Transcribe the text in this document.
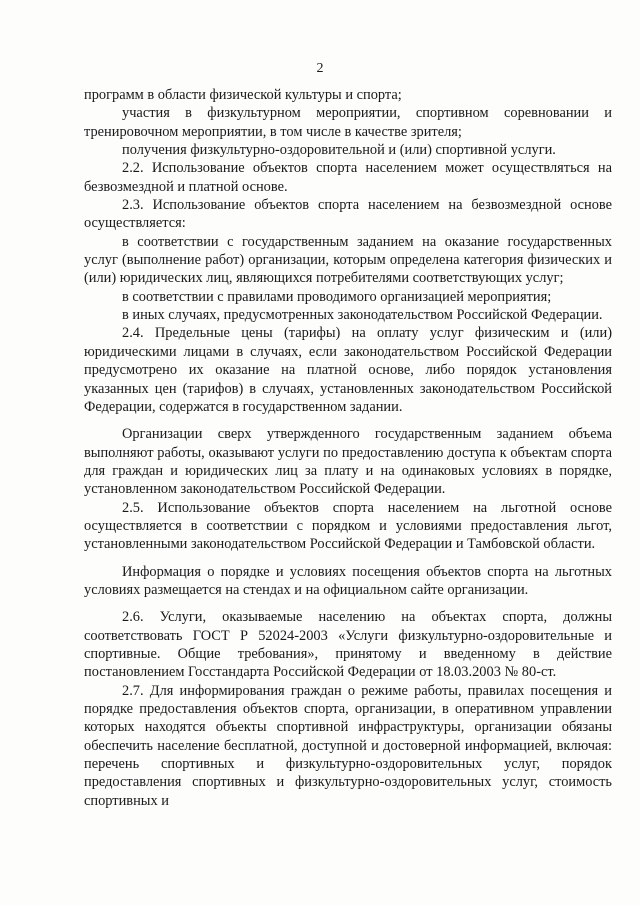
2

программ в области физической культуры и спорта;

участия в физкультурном мероприятии, спортивном соревновании и тренировочном мероприятии, в том числе в качестве зрителя;

получения физкультурно-оздоровительной и (или) спортивной услуги.

2.2. Использование объектов спорта населением может осуществляться на безвозмездной и платной основе.

2.3. Использование объектов спорта населением на безвозмездной основе осуществляется:

в соответствии с государственным заданием на оказание государственных услуг (выполнение работ) организации, которым определена категория физических и (или) юридических лиц, являющихся потребителями соответствующих услуг;

в соответствии с правилами проводимого организацией мероприятия;

в иных случаях, предусмотренных законодательством Российской Федерации.

2.4. Предельные цены (тарифы) на оплату услуг физическим и (или) юридическими лицами в случаях, если законодательством Российской Федерации предусмотрено их оказание на платной основе, либо порядок установления указанных цен (тарифов) в случаях, установленных законодательством Российской Федерации, содержатся в государственном задании.

Организации сверх утвержденного государственным заданием объема выполняют работы, оказывают услуги по предоставлению доступа к объектам спорта для граждан и юридических лиц за плату и на одинаковых условиях в порядке, установленном законодательством Российской Федерации.

2.5. Использование объектов спорта населением на льготной основе осуществляется в соответствии с порядком и условиями предоставления льгот, установленными законодательством Российской Федерации и Тамбовской области.

Информация о порядке и условиях посещения объектов спорта на льготных условиях размещается на стендах и на официальном сайте организации.

2.6. Услуги, оказываемые населению на объектах спорта, должны соответствовать ГОСТ Р 52024-2003 «Услуги физкультурно-оздоровительные и спортивные. Общие требования», принятому и введенному в действие постановлением Госстандарта Российской Федерации от 18.03.2003 № 80-ст.

2.7. Для информирования граждан о режиме работы, правилах посещения и порядке предоставления объектов спорта, организации, в оперативном управлении которых находятся объекты спортивной инфраструктуры, организации обязаны обеспечить население бесплатной, доступной и достоверной информацией, включая: перечень спортивных и физкультурно-оздоровительных услуг, порядок предоставления спортивных и физкультурно-оздоровительных услуг, стоимость спортивных и
